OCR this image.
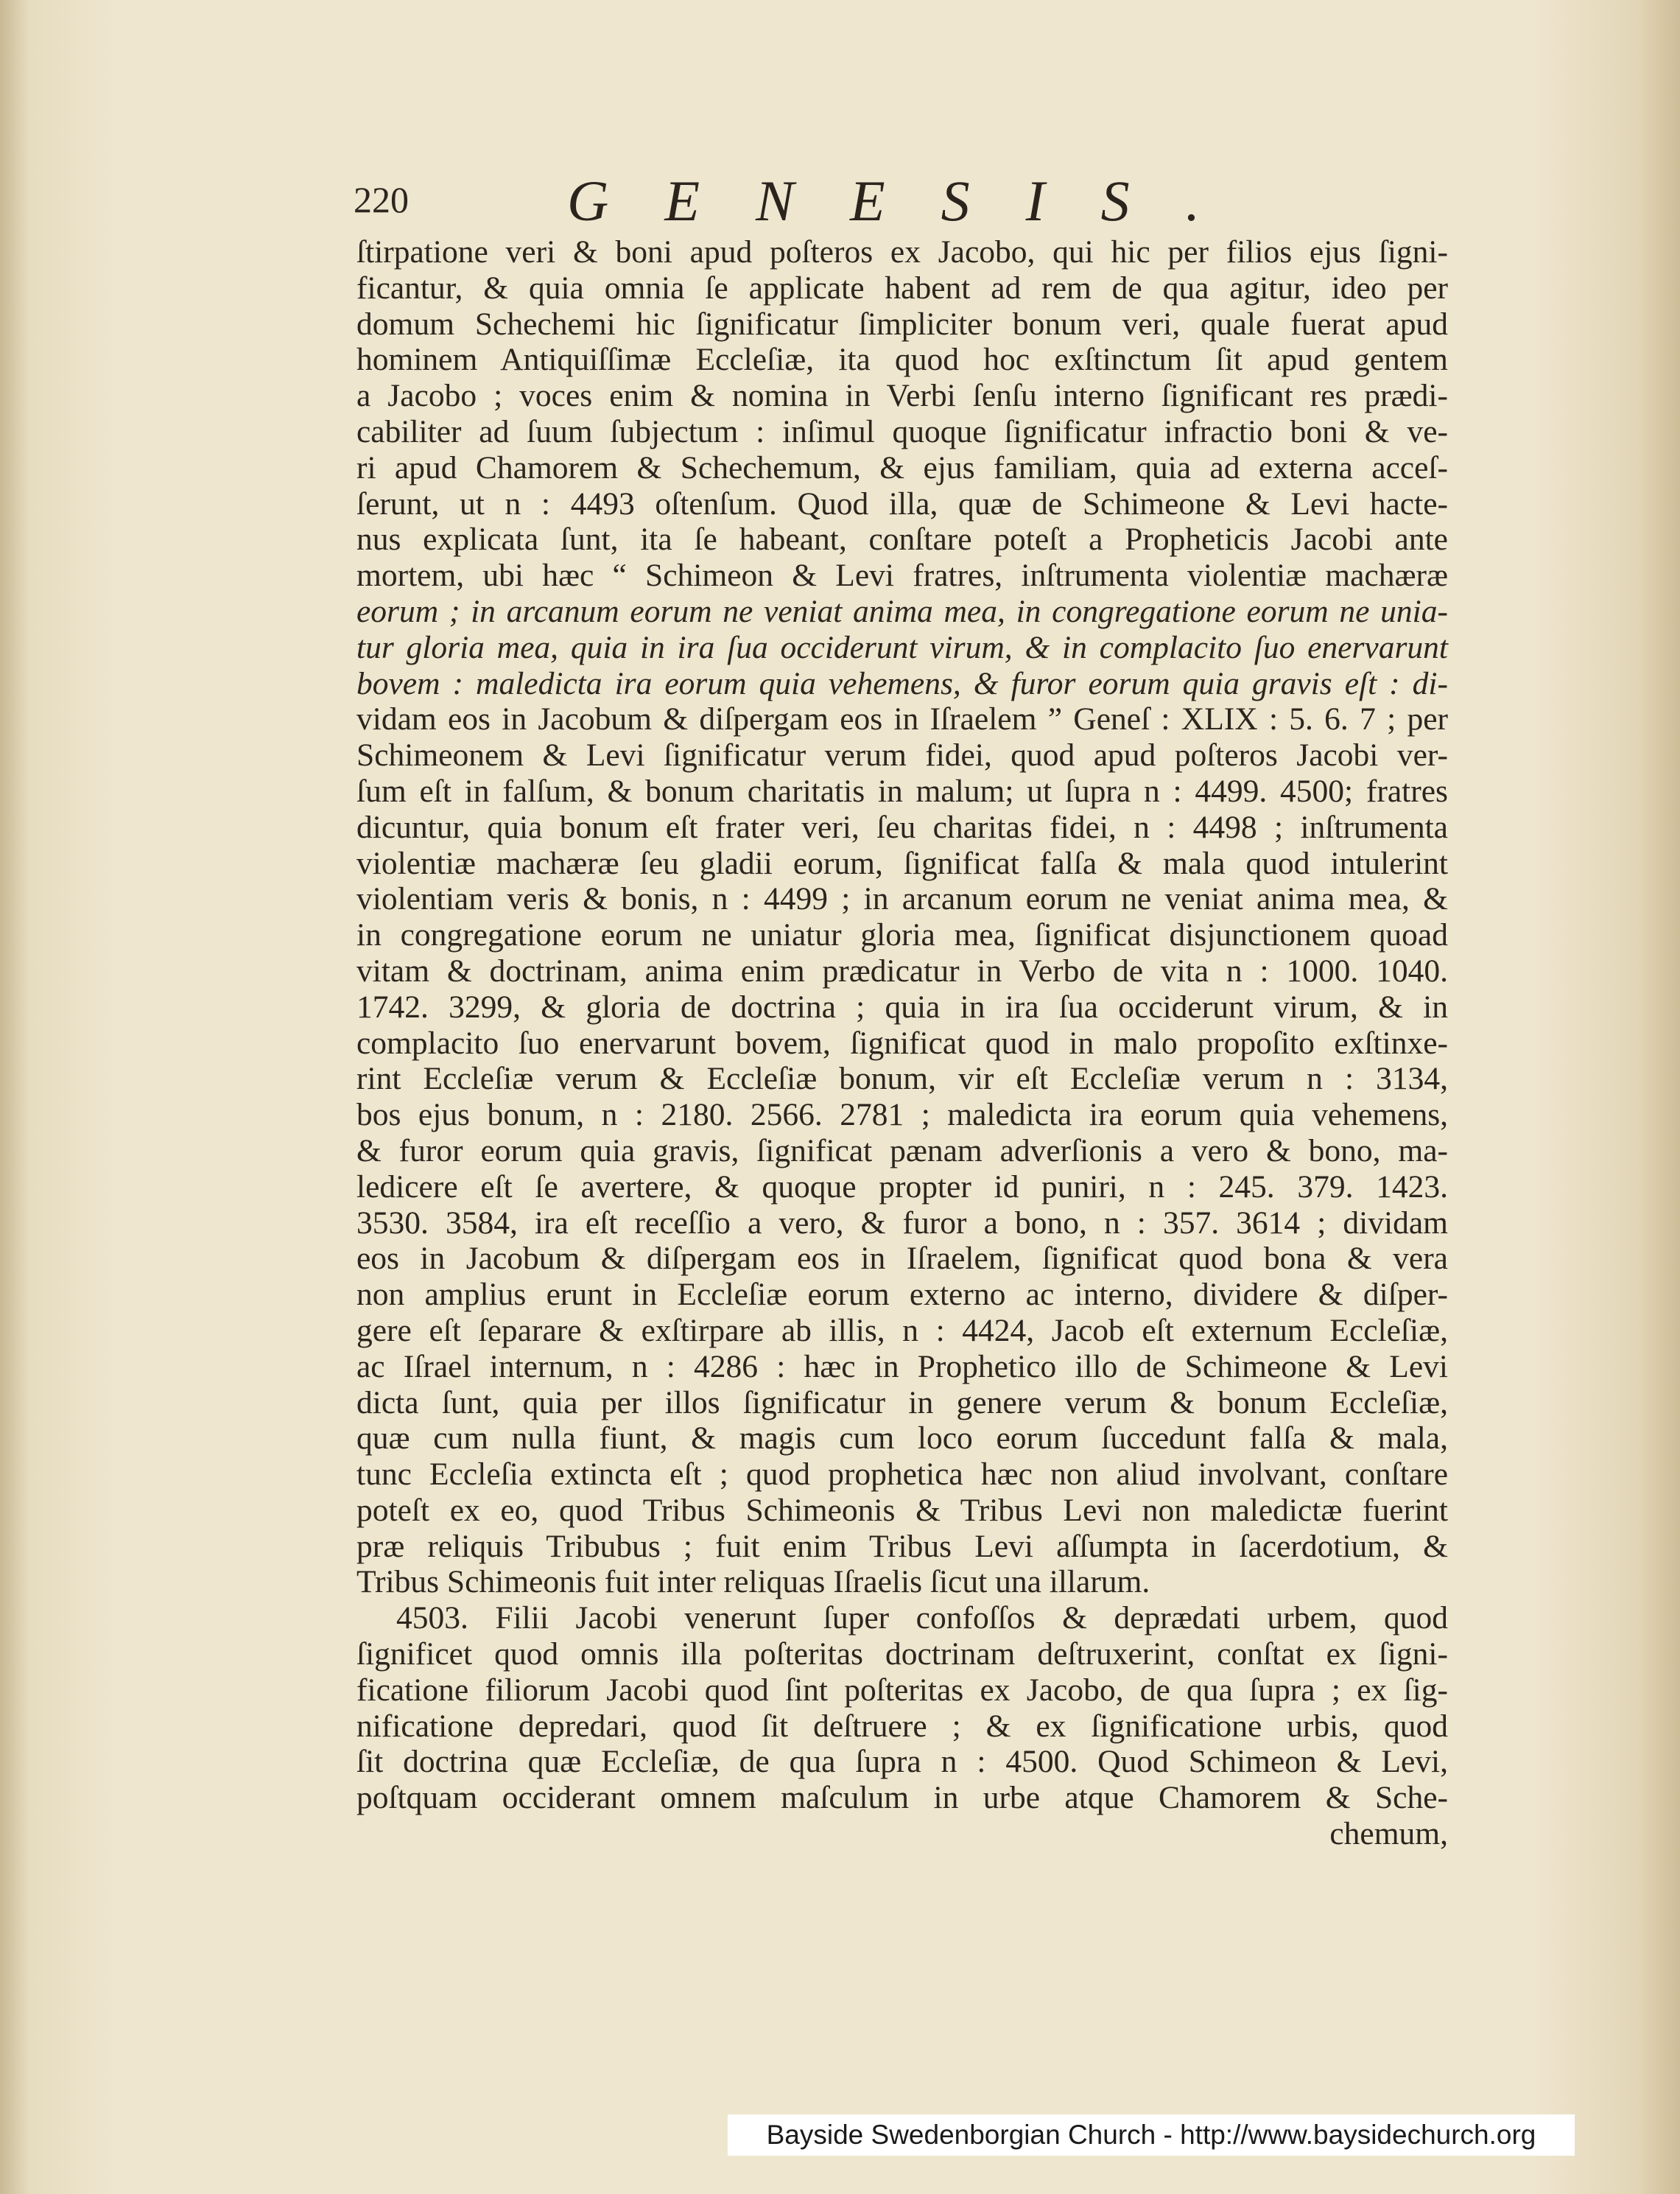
220	GENESIS.
ſtirpatione veri & boni apud poſteros ex Jacobo, qui hic per filios ejus ſigni-
ficantur, & quia omnia ſe applicate habent ad rem de qua agitur, ideo per
domum Schechemi hic ſignificatur ſimpliciter bonum veri, quale fuerat apud
hominem Antiquiſſimæ Eccleſiæ, ita quod hoc exſtinctum ſit apud gentem
a Jacobo ; voces enim & nomina in Verbi ſenſu interno ſignificant res prædi-
cabiliter ad ſuum ſubjectum : inſimul quoque ſignificatur infractio boni & ve-
ri apud Chamorem & Schechemum, & ejus familiam, quia ad externa acceſ-
ſerunt, ut n : 4493 oſtenſum. Quod illa, quæ de Schimeone & Levi hacte-
nus explicata ſunt, ita ſe habeant, conſtare poteſt a Propheticis Jacobi ante
mortem, ubi hæc “ Schimeon & Levi fratres, inſtrumenta violentiæ machæræ
eorum ; in arcanum eorum ne veniat anima mea, in congregatione eorum ne unia-
tur gloria mea, quia in ira ſua occiderunt virum, & in complacito ſuo enervarunt
bovem : maledicta ira eorum quia vehemens, & furor eorum quia gravis eſt : di-
vidam eos in Jacobum & diſpergam eos in Iſraelem ” Geneſ : XLIX : 5. 6. 7 ; per
Schimeonem & Levi ſignificatur verum fidei, quod apud poſteros Jacobi ver-
ſum eſt in falſum, & bonum charitatis in malum; ut ſupra n : 4499. 4500; fratres
dicuntur, quia bonum eſt frater veri, ſeu charitas fidei, n : 4498 ; inſtrumenta
violentiæ machæræ ſeu gladii eorum, ſignificat falſa & mala quod intulerint
violentiam veris & bonis, n : 4499 ; in arcanum eorum ne veniat anima mea, &
in congregatione eorum ne uniatur gloria mea, ſignificat disjunctionem quoad
vitam & doctrinam, anima enim prædicatur in Verbo de vita n : 1000. 1040.
1742. 3299, & gloria de doctrina ; quia in ira ſua occiderunt virum, & in
complacito ſuo enervarunt bovem, ſignificat quod in malo propoſito exſtinxe-
rint Eccleſiæ verum & Eccleſiæ bonum, vir eſt Eccleſiæ verum n : 3134,
bos ejus bonum, n : 2180. 2566. 2781 ; maledicta ira eorum quia vehemens,
& furor eorum quia gravis, ſignificat pænam adverſionis a vero & bono, ma-
ledicere eſt ſe avertere, & quoque propter id puniri, n : 245. 379. 1423.
3530. 3584, ira eſt receſſio a vero, & furor a bono, n : 357. 3614 ; dividam
eos in Jacobum & diſpergam eos in Iſraelem, ſignificat quod bona & vera
non amplius erunt in Eccleſiæ eorum externo ac interno, dividere & diſper-
gere eſt ſeparare & exſtirpare ab illis, n : 4424, Jacob eſt externum Eccleſiæ,
ac Iſrael internum, n : 4286 : hæc in Prophetico illo de Schimeone & Levi
dicta ſunt, quia per illos ſignificatur in genere verum & bonum Eccleſiæ,
quæ cum nulla fiunt, & magis cum loco eorum ſuccedunt falſa & mala,
tunc Eccleſia extincta eſt ; quod prophetica hæc non aliud involvant, conſtare
poteſt ex eo, quod Tribus Schimeonis & Tribus Levi non maledictæ fuerint
præ reliquis Tribubus ; fuit enim Tribus Levi aſſumpta in ſacerdotium, &
Tribus Schimeonis fuit inter reliquas Iſraelis ſicut una illarum.
4503. Filii Jacobi venerunt ſuper confoſſos & deprædati urbem, quod
ſignificet quod omnis illa poſteritas doctrinam deſtruxerint, conſtat ex ſigni-
ficatione filiorum Jacobi quod ſint poſteritas ex Jacobo, de qua ſupra ; ex ſig-
nificatione depredari, quod ſit deſtruere ; & ex ſignificatione urbis, quod
ſit doctrina quæ Eccleſiæ, de qua ſupra n : 4500. Quod Schimeon & Levi,
poſtquam occiderant omnem maſculum in urbe atque Chamorem & Sche-
chemum,
Bayside Swedenborgian Church - http://www.baysidechurch.org
